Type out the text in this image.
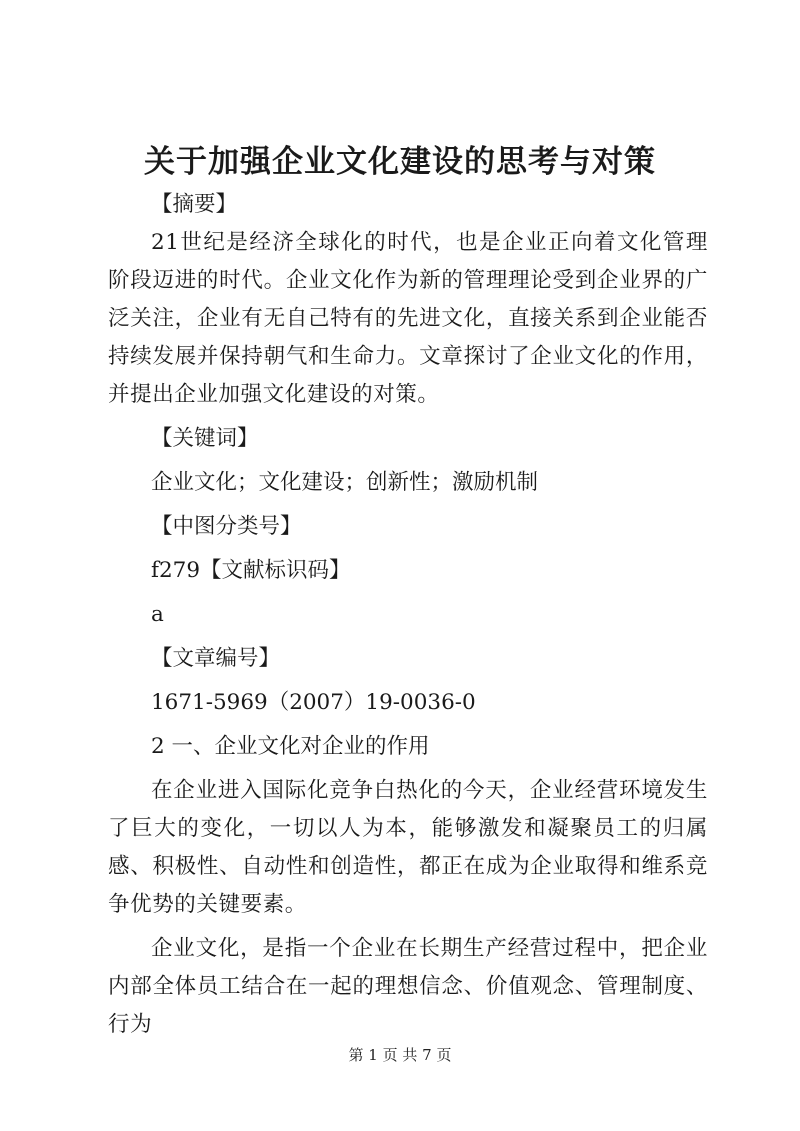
关于加强企业文化建设的思考与对策

【摘要】

21世纪是经济全球化的时代，也是企业正向着文化管理阶段迈进的时代。企业文化作为新的管理理论受到企业界的广泛关注，企业有无自己特有的先进文化，直接关系到企业能否持续发展并保持朝气和生命力。文章探讨了企业文化的作用，并提出企业加强文化建设的对策。

【关键词】

企业文化；文化建设；创新性；激励机制

【中图分类号】

f279【文献标识码】

a

【文章编号】

1671-5969（2007）19-0036-0

2 一、企业文化对企业的作用

在企业进入国际化竞争白热化的今天，企业经营环境发生了巨大的变化，一切以人为本，能够激发和凝聚员工的归属感、积极性、自动性和创造性，都正在成为企业取得和维系竞争优势的关键要素。

企业文化，是指一个企业在长期生产经营过程中，把企业内部全体员工结合在一起的理想信念、价值观念、管理制度、行为

第 1 页 共 7 页
